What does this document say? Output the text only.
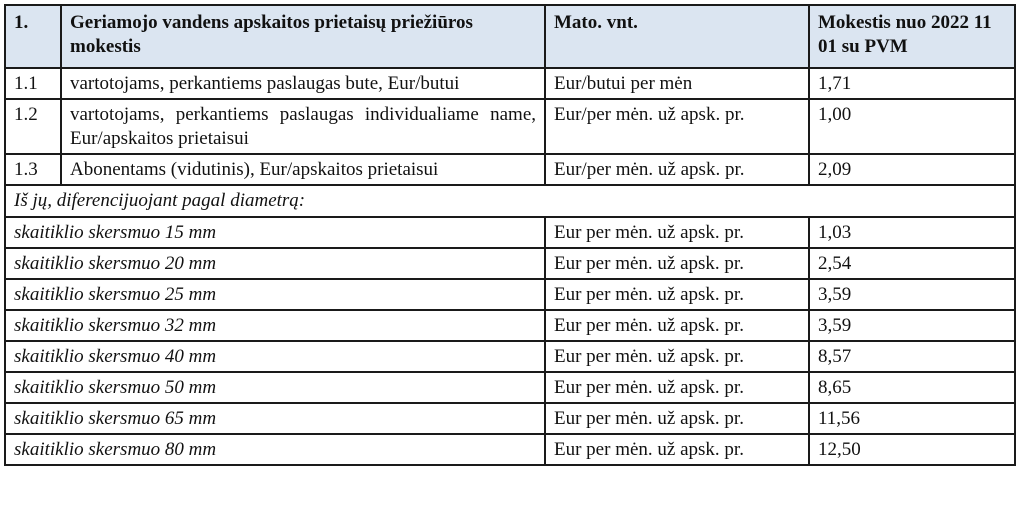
1.	Geriamojo vandens apskaitos prietaisų priežiūros mokestis	Mato. vnt.	Mokestis nuo 2022 11 01 su PVM
1.1	vartotojams, perkantiems paslaugas bute, Eur/butui	Eur/butui per mėn	1,71
1.2	vartotojams, perkantiems paslaugas individualiame name, Eur/apskaitos prietaisui	Eur/per mėn. už apsk. pr.	1,00
1.3	Abonentams (vidutinis), Eur/apskaitos prietaisui	Eur/per mėn. už apsk. pr.	2,09
Iš jų, diferencijuojant pagal diametrą:			
skaitiklio skersmuo 15 mm		Eur per mėn. už apsk. pr.	1,03
skaitiklio skersmuo 20 mm		Eur per mėn. už apsk. pr.	2,54
skaitiklio skersmuo 25 mm		Eur per mėn. už apsk. pr.	3,59
skaitiklio skersmuo 32 mm		Eur per mėn. už apsk. pr.	3,59
skaitiklio skersmuo 40 mm		Eur per mėn. už apsk. pr.	8,57
skaitiklio skersmuo 50 mm		Eur per mėn. už apsk. pr.	8,65
skaitiklio skersmuo 65 mm		Eur per mėn. už apsk. pr.	11,56
skaitiklio skersmuo 80 mm		Eur per mėn. už apsk. pr.	12,50
